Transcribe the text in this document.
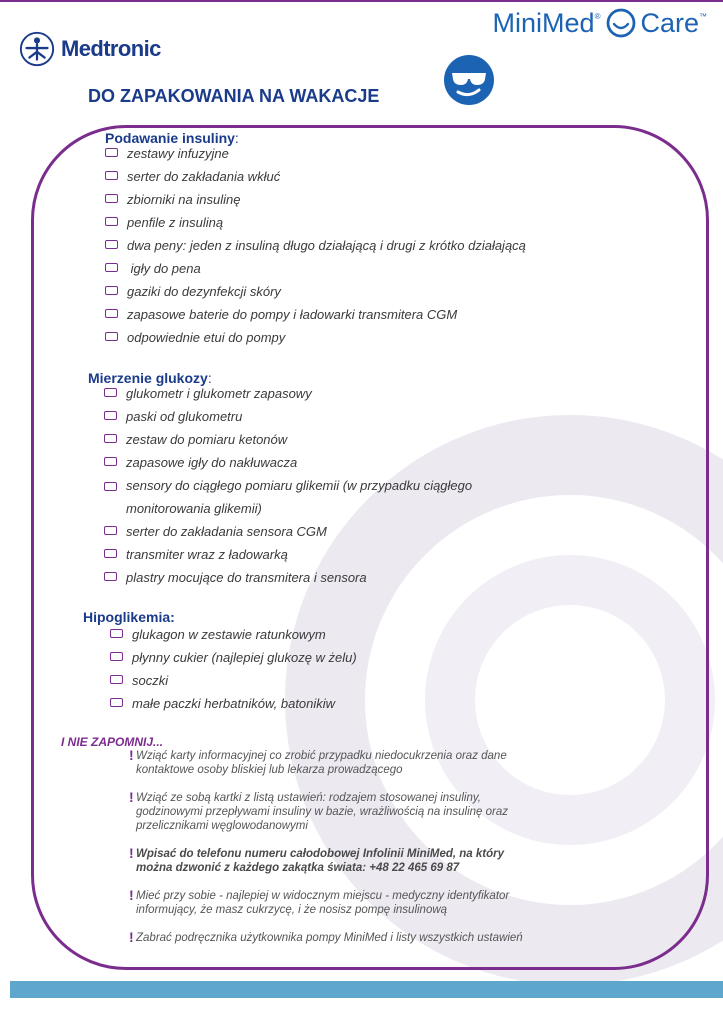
Medtronic
MiniMed ® Care ™
DO ZAPAKOWANIA NA WAKACJE
Podawanie insuliny:
zestawy infuzyjne
serter do zakładania wkłuć
zbiorniki na insulinę
penfile z insuliną
dwa peny: jeden z insuliną długo działającą i drugi z krótko działającą
igły do pena
gaziki do dezynfekcji skóry
zapasowe baterie do pompy i ładowarki transmitera CGM
odpowiednie etui do pompy
Mierzenie glukozy:
glukometr i glukometr zapasowy
paski od glukometru
zestaw do pomiaru ketonów
zapasowe igły do nakłuwacza
sensory do ciągłego pomiaru glikemii (w przypadku ciągłego monitorowania glikemii)
serter do zakładania sensora CGM
transmiter wraz z ładowarką
plastry mocujące do transmitera i sensora
Hipoglikemia:
glukagon w zestawie ratunkowym
płynny cukier (najlepiej glukozę w żelu)
soczki
małe paczki herbatników, batonikiw
I NIE ZAPOMNIJ...
! Wziąć karty informacyjnej co zrobić przypadku niedocukrzenia oraz dane kontaktowe osoby bliskiej lub lekarza prowadzącego
! Wziąć ze sobą kartki z listą ustawień: rodzajem stosowanej insuliny, godzinowymi przepływami insuliny w bazie, wrażliwością na insulinę oraz przelicznikami węglowodanowymi
! Wpisać do telefonu numeru całodobowej Infolinii MiniMed, na który można dzwonić z każdego zakątka świata: +48 22 465 69 87
! Mieć przy sobie - najlepiej w widocznym miejscu - medyczny identyfikator informujący, że masz cukrzycę, i że nosisz pompę insulinową
! Zabrać podręcznika użytkownika pompy MiniMed i listy wszystkich ustawień
